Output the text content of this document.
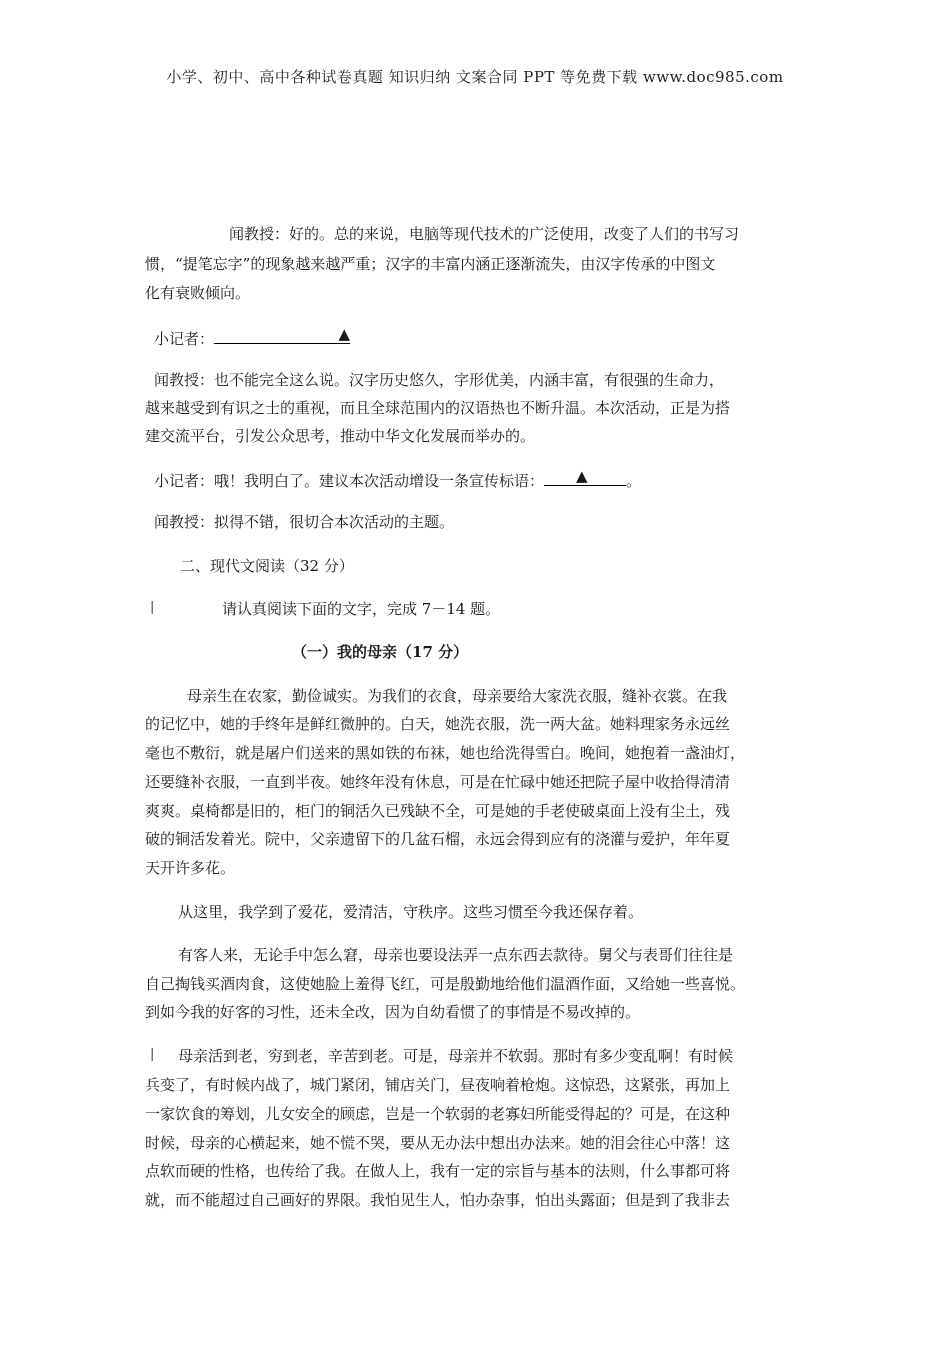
小学、初中、高中各种试卷真题 知识归纳 文案合同 PPT 等免费下载 www.doc985.com
闻教授：好的。总的来说，电脑等现代技术的广泛使用，改变了人们的书写习
惯，“提笔忘字”的现象越来越严重；汉字的丰富内涵正逐渐流失，由汉字传承的中图文
化有衰败倾向。
小记者：	▲
闻教授：也不能完全这么说。汉字历史悠久，字形优美，内涵丰富，有很强的生命力，
越来越受到有识之士的重视，而且全球范围内的汉语热也不断升温。本次活动，正是为搭
建交流平台，引发公众思考，推动中华文化发展而举办的。
小记者：哦！我明白了。建议本次活动增设一条宣传标语： ▲	。
闻教授：拟得不错，很切合本次活动的主题。
二、现代文阅读（32 分）
|	请认真阅读下面的文字，完成 7－14 题。
（一）我的母亲（17 分）
母亲生在农家，勤俭诚实。为我们的衣食，母亲要给大家洗衣服，缝补衣裳。在我
的记忆中，她的手终年是鲜红微肿的。白天，她洗衣服，洗一两大盆。她料理家务永远丝
毫也不敷衍，就是屠户们送来的黑如铁的布袜，她也给洗得雪白。晚间，她抱着一盏油灯，
还要缝补衣服，一直到半夜。她终年没有休息，可是在忙碌中她还把院子屋中收拾得清清
爽爽。桌椅都是旧的，柜门的铜活久已残缺不全，可是她的手老使破桌面上没有尘土，残
破的铜活发着光。院中，父亲遗留下的几盆石榴，永远会得到应有的浇灌与爱护，年年夏
天开许多花。
从这里，我学到了爱花，爱清洁，守秩序。这些习惯至今我还保存着。
有客人来，无论手中怎么窘，母亲也要设法弄一点东西去款待。舅父与表哥们往往是
自己掏钱买酒肉食，这使她脸上羞得飞红，可是殷勤地给他们温酒作面，又给她一些喜悦。
到如今我的好客的习性，还未全改，因为自幼看惯了的事情是不易改掉的。
| 母亲活到老，穷到老，辛苦到老。可是，母亲并不软弱。那时有多少变乱啊！有时候
兵变了，有时候内战了，城门紧闭，铺店关门，昼夜响着枪炮。这惊恐，这紧张，再加上
一家饮食的筹划，儿女安全的顾虑，岂是一个软弱的老寡妇所能受得起的？可是，在这种
时候，母亲的心横起来，她不慌不哭，要从无办法中想出办法来。她的泪会往心中落！这
点软而硬的性格，也传给了我。在做人上，我有一定的宗旨与基本的法则，什么事都可将
就，而不能超过自己画好的界限。我怕见生人，怕办杂事，怕出头露面；但是到了我非去
